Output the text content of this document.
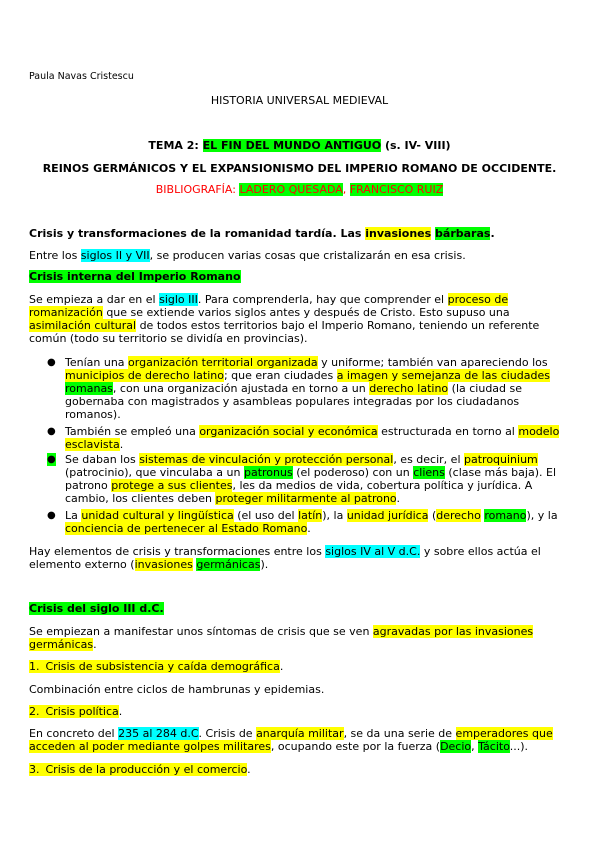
Paula Navas Cristescu
HISTORIA UNIVERSAL MEDIEVAL
TEMA 2: EL FIN DEL MUNDO ANTIGUO (s. IV- VIII)
REINOS GERMÁNICOS Y EL EXPANSIONISMO DEL IMPERIO ROMANO DE OCCIDENTE.
BIBLIOGRAFÍA: LADERO QUESADA, FRANCISCO RUIZ
Crisis y transformaciones de la romanidad tardía. Las invasiones bárbaras.
Entre los siglos II y VII, se producen varias cosas que cristalizarán en esa crisis.
Crisis interna del Imperio Romano
Se empieza a dar en el siglo III. Para comprenderla, hay que comprender el proceso de
romanización que se extiende varios siglos antes y después de Cristo. Esto supuso una
asimilación cultural de todos estos territorios bajo el Imperio Romano, teniendo un referente
común (todo su territorio se dividía en provincias).
● Tenían una organización territorial organizada y uniforme; también van apareciendo los
municipios de derecho latino; que eran ciudades a imagen y semejanza de las ciudades
romanas, con una organización ajustada en torno a un derecho latino (la ciudad se
gobernaba con magistrados y asambleas populares integradas por los ciudadanos
romanos).
● También se empleó una organización social y económica estructurada en torno al modelo
esclavista.
● Se daban los sistemas de vinculación y protección personal, es decir, el patroquinium
(patrocinio), que vinculaba a un patronus (el poderoso) con un cliens (clase más baja). El
patrono protege a sus clientes, les da medios de vida, cobertura política y jurídica. A
cambio, los clientes deben proteger militarmente al patrono.
● La unidad cultural y lingüística (el uso del latín), la unidad jurídica (derecho romano), y la
conciencia de pertenecer al Estado Romano.
Hay elementos de crisis y transformaciones entre los siglos IV al V d.C. y sobre ellos actúa el
elemento externo (invasiones germánicas).
Crisis del siglo III d.C.
Se empiezan a manifestar unos síntomas de crisis que se ven agravadas por las invasiones
germánicas.
1. Crisis de subsistencia y caída demográfica.
Combinación entre ciclos de hambrunas y epidemias.
2. Crisis política.
En concreto del 235 al 284 d.C. Crisis de anarquía militar, se da una serie de emperadores que
acceden al poder mediante golpes militares, ocupando este por la fuerza (Decio, Tácito...).
3. Crisis de la producción y el comercio.
